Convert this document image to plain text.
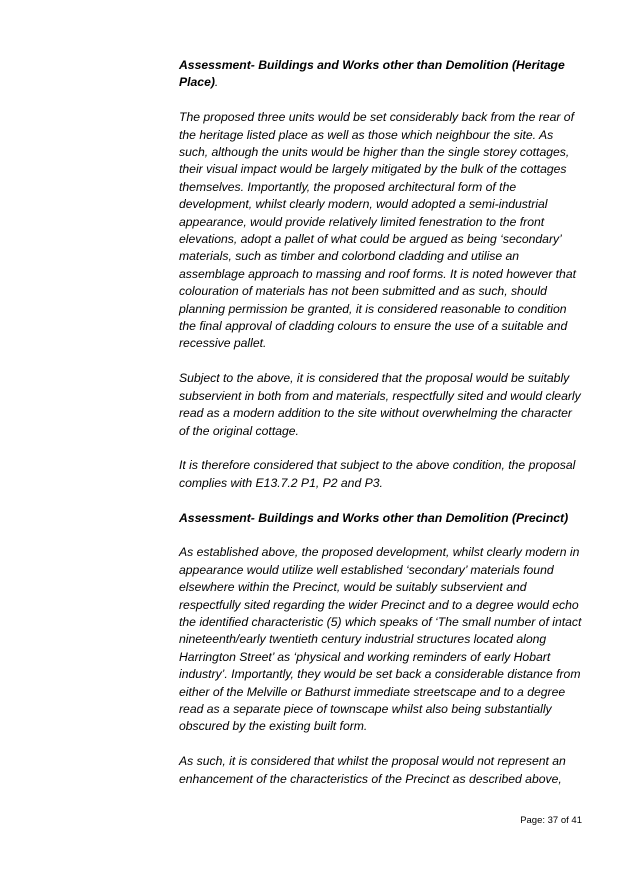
Assessment- Buildings and Works other than Demolition (Heritage Place).

The proposed three units would be set considerably back from the rear of the heritage listed place as well as those which neighbour the site. As such, although the units would be higher than the single storey cottages, their visual impact would be largely mitigated by the bulk of the cottages themselves. Importantly, the proposed architectural form of the development, whilst clearly modern, would adopted a semi-industrial appearance, would provide relatively limited fenestration to the front elevations, adopt a pallet of what could be argued as being ‘secondary’ materials, such as timber and colorbond cladding and utilise an assemblage approach to massing and roof forms. It is noted however that colouration of materials has not been submitted and as such, should planning permission be granted, it is considered reasonable to condition the final approval of cladding colours to ensure the use of a suitable and recessive pallet.

Subject to the above, it is considered that the proposal would be suitably subservient in both from and materials, respectfully sited and would clearly read as a modern addition to the site without overwhelming the character of the original cottage.

It is therefore considered that subject to the above condition, the proposal complies with E13.7.2 P1, P2 and P3.

Assessment- Buildings and Works other than Demolition (Precinct)

As established above, the proposed development, whilst clearly modern in appearance would utilize well established ‘secondary’ materials found elsewhere within the Precinct, would be suitably subservient and respectfully sited regarding the wider Precinct and to a degree would echo the identified characteristic (5) which speaks of ‘The small number of intact nineteenth/early twentieth century industrial structures located along Harrington Street’ as ‘physical and working reminders of early Hobart industry’. Importantly, they would be set back a considerable distance from either of the Melville or Bathurst immediate streetscape and to a degree read as a separate piece of townscape whilst also being substantially obscured by the existing built form.

As such, it is considered that whilst the proposal would not represent an enhancement of the characteristics of the Precinct as described above,

Page: 37 of 41
